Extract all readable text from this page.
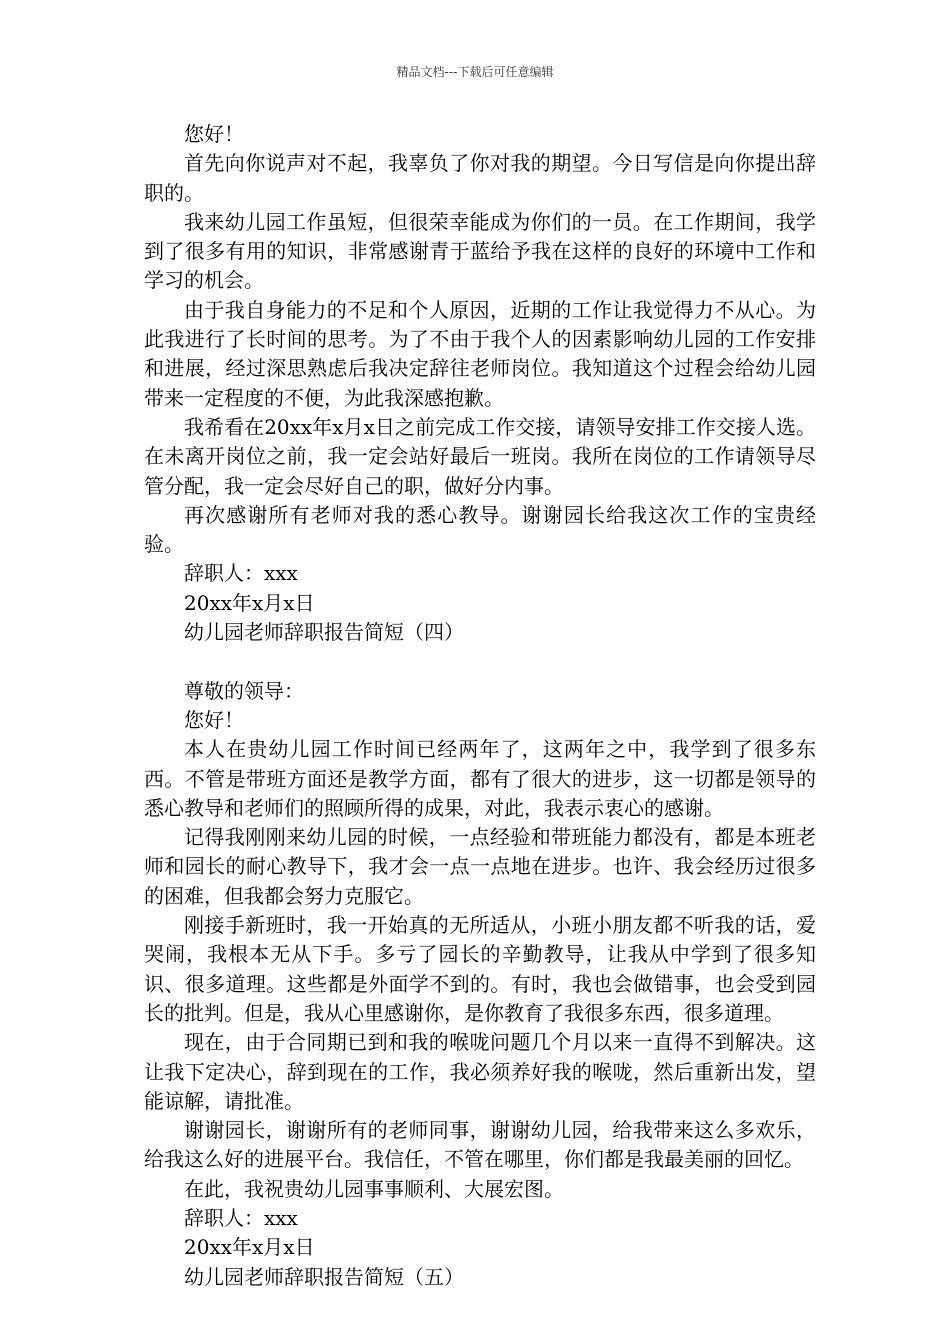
精品文档---下载后可任意编辑

您好！

首先向你说声对不起，我辜负了你对我的期望。今日写信是向你提出辞职的。

我来幼儿园工作虽短，但很荣幸能成为你们的一员。在工作期间，我学到了很多有用的知识，非常感谢青于蓝给予我在这样的良好的环境中工作和学习的机会。

由于我自身能力的不足和个人原因，近期的工作让我觉得力不从心。为此我进行了长时间的思考。为了不由于我个人的因素影响幼儿园的工作安排和进展，经过深思熟虑后我决定辞往老师岗位。我知道这个过程会给幼儿园带来一定程度的不便，为此我深感抱歉。

我希看在20xx年x月x日之前完成工作交接，请领导安排工作交接人选。在未离开岗位之前，我一定会站好最后一班岗。我所在岗位的工作请领导尽管分配，我一定会尽好自己的职，做好分内事。

再次感谢所有老师对我的悉心教导。谢谢园长给我这次工作的宝贵经验。

辞职人：xxx

20xx年x月x日

幼儿园老师辞职报告简短（四）

尊敬的领导：

您好！

本人在贵幼儿园工作时间已经两年了，这两年之中，我学到了很多东西。不管是带班方面还是教学方面，都有了很大的进步，这一切都是领导的悉心教导和老师们的照顾所得的成果，对此，我表示衷心的感谢。

记得我刚刚来幼儿园的时候，一点经验和带班能力都没有，都是本班老师和园长的耐心教导下，我才会一点一点地在进步。也许、我会经历过很多的困难，但我都会努力克服它。

刚接手新班时，我一开始真的无所适从，小班小朋友都不听我的话，爱哭闹，我根本无从下手。多亏了园长的辛勤教导，让我从中学到了很多知识、很多道理。这些都是外面学不到的。有时，我也会做错事，也会受到园长的批判。但是，我从心里感谢你，是你教育了我很多东西，很多道理。

现在，由于合同期已到和我的喉咙问题几个月以来一直得不到解决。这让我下定决心，辞到现在的工作，我必须养好我的喉咙，然后重新出发，望能谅解，请批准。

谢谢园长，谢谢所有的老师同事，谢谢幼儿园，给我带来这么多欢乐，给我这么好的进展平台。我信任，不管在哪里，你们都是我最美丽的回忆。

在此，我祝贵幼儿园事事顺利、大展宏图。

辞职人：xxx

20xx年x月x日

幼儿园老师辞职报告简短（五）
